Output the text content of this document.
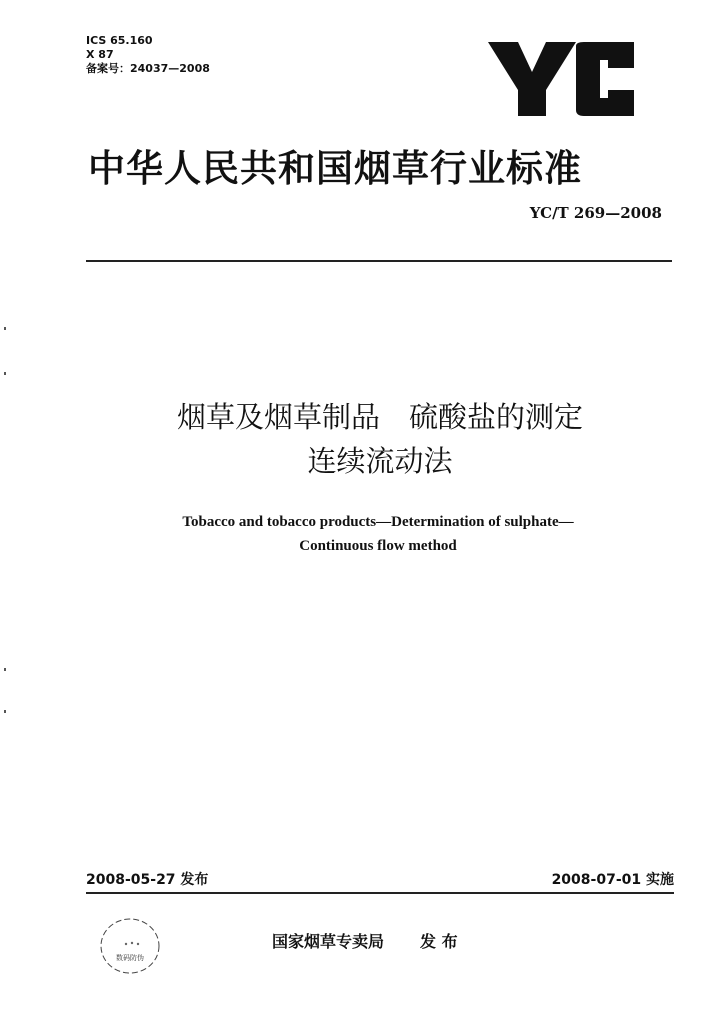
ICS 65.160
X 87
备案号：24037—2008
中华人民共和国烟草行业标准
YC/T 269—2008
烟草及烟草制品　硫酸盐的测定
连续流动法
Tobacco and tobacco products—Determination of sulphate—
Continuous flow method
2008-05-27 发布	2008-07-01 实施
数码防伪
国家烟草专卖局 发 布
